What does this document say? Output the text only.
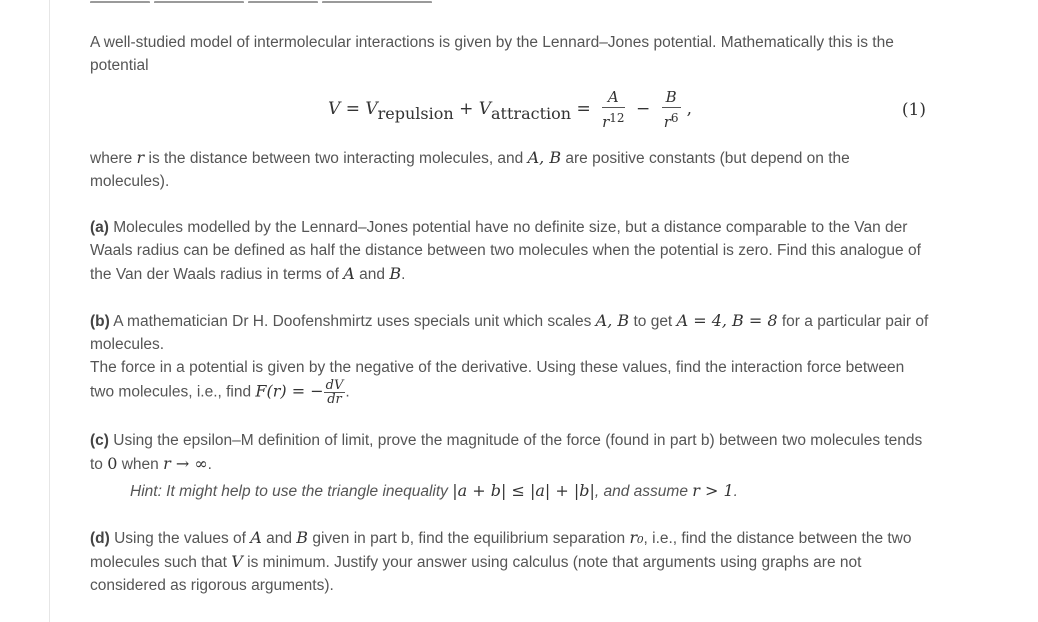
A well-studied model of intermolecular interactions is given by the Lennard–Jones potential. Mathematically this is the potential

$V = V_{repulsion} + V_{attraction} = \frac{A}{r^{12}} - \frac{B}{r^6}$ ,	(1)

where r is the distance between two interacting molecules, and A, B are positive constants (but depend on the molecules).

(a) Molecules modelled by the Lennard–Jones potential have no definite size, but a distance comparable to the Van der Waals radius can be defined as half the distance between two molecules when the potential is zero. Find this analogue of the Van der Waals radius in terms of A and B.

(b) A mathematician Dr H. Doofenshmirtz uses specials unit which scales A, B to get A = 4, B = 8 for a particular pair of molecules.

The force in a potential is given by the negative of the derivative. Using these values, find the interaction force between two molecules, i.e., find F(r) = − $\frac{dV}{dr}$ .

(c) Using the epsilon–M definition of limit, prove the magnitude of the force (found in part b) between two molecules tends to 0 when r → ∞.

Hint: It might help to use the triangle inequality |a + b| ≤ |a| + |b|, and assume r > 1.

(d) Using the values of A and B given in part b, find the equilibrium separation r₀, i.e., find the distance between the two molecules such that V is minimum. Justify your answer using calculus (note that arguments using graphs are not considered as rigorous arguments).
